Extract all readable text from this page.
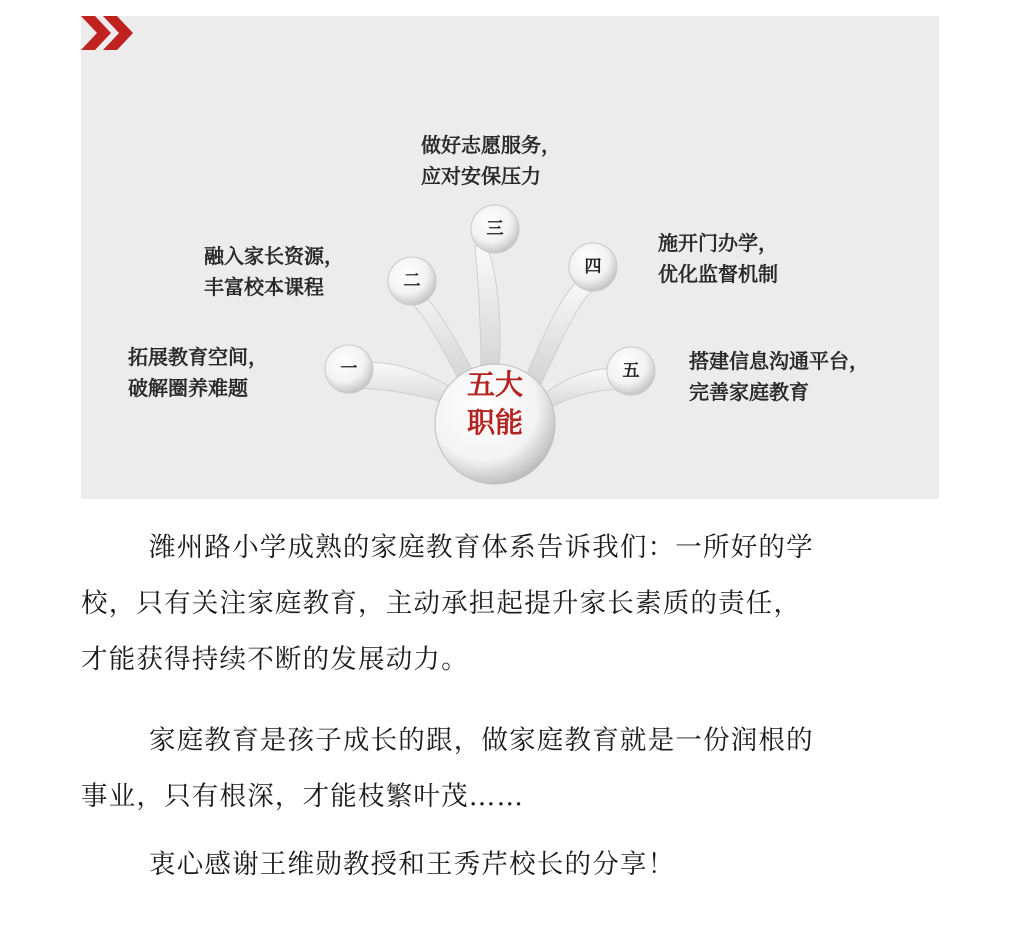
一
二
三
四
五
五大
职能
拓展教育空间，
破解圈养难题
融入家长资源，
丰富校本课程
做好志愿服务，
应对安保压力
施开门办学，
优化监督机制
搭建信息沟通平台，
完善家庭教育
潍州路小学成熟的家庭教育体系告诉我们：一所好的学
校，只有关注家庭教育，主动承担起提升家长素质的责任，
才能获得持续不断的发展动力。
家庭教育是孩子成长的跟，做家庭教育就是一份润根的
事业，只有根深，才能枝繁叶茂……
衷心感谢王维勋教授和王秀芹校长的分享！
